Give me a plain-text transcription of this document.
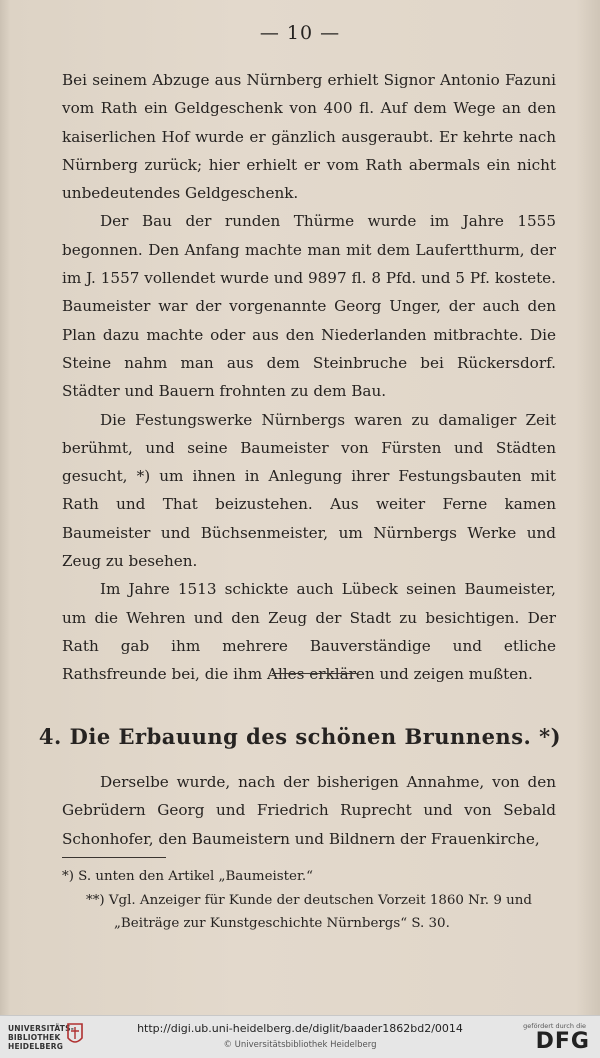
— 10 —

Bei seinem Abzuge aus Nürnberg erhielt Signor Antonio Fazuni vom Rath ein Geldgeschenk von 400 fl. Auf dem Wege an den kaiserlichen Hof wurde er gänzlich ausgeraubt. Er kehrte nach Nürnberg zurück; hier erhielt er vom Rath abermals ein nicht unbedeutendes Geldgeschenk.

Der Bau der runden Thürme wurde im Jahre 1555 begonnen. Den Anfang machte man mit dem Laufertthurm, der im J. 1557 vollendet wurde und 9897 fl. 8 Pfd. und 5 Pf. kostete. Baumeister war der vorgenannte Georg Unger, der auch den Plan dazu machte oder aus den Niederlanden mitbrachte. Die Steine nahm man aus dem Steinbruche bei Rückersdorf. Städter und Bauern frohnten zu dem Bau.

Die Festungswerke Nürnbergs waren zu damaliger Zeit berühmt, und seine Baumeister von Fürsten und Städten gesucht, *) um ihnen in Anlegung ihrer Festungsbauten mit Rath und That beizustehen. Aus weiter Ferne kamen Baumeister und Büchsenmeister, um Nürnbergs Werke und Zeug zu besehen.

Im Jahre 1513 schickte auch Lübeck seinen Baumeister, um die Wehren und den Zeug der Stadt zu besichtigen. Der Rath gab ihm mehrere Bauverständige und etliche Rathsfreunde bei, die ihm Alles erklären und zeigen mußten.

4. Die Erbauung des schönen Brunnens. *)

Derselbe wurde, nach der bisherigen Annahme, von den Gebrüdern Georg und Friedrich Ruprecht und von Sebald Schonhofer, den Baumeistern und Bildnern der Frauenkirche,

*) S. unten den Artikel „Baumeister.“

**) Vgl. Anzeiger für Kunde der deutschen Vorzeit 1860 Nr. 9 und „Beiträge zur Kunstgeschichte Nürnbergs“ S. 30.

UNIVERSITÄTS-
BIBLIOTHEK
HEIDELBERG
http://digi.ub.uni-heidelberg.de/diglit/baader1862bd2/0014
© Universitätsbibliothek Heidelberg
gefördert durch die
DFG
